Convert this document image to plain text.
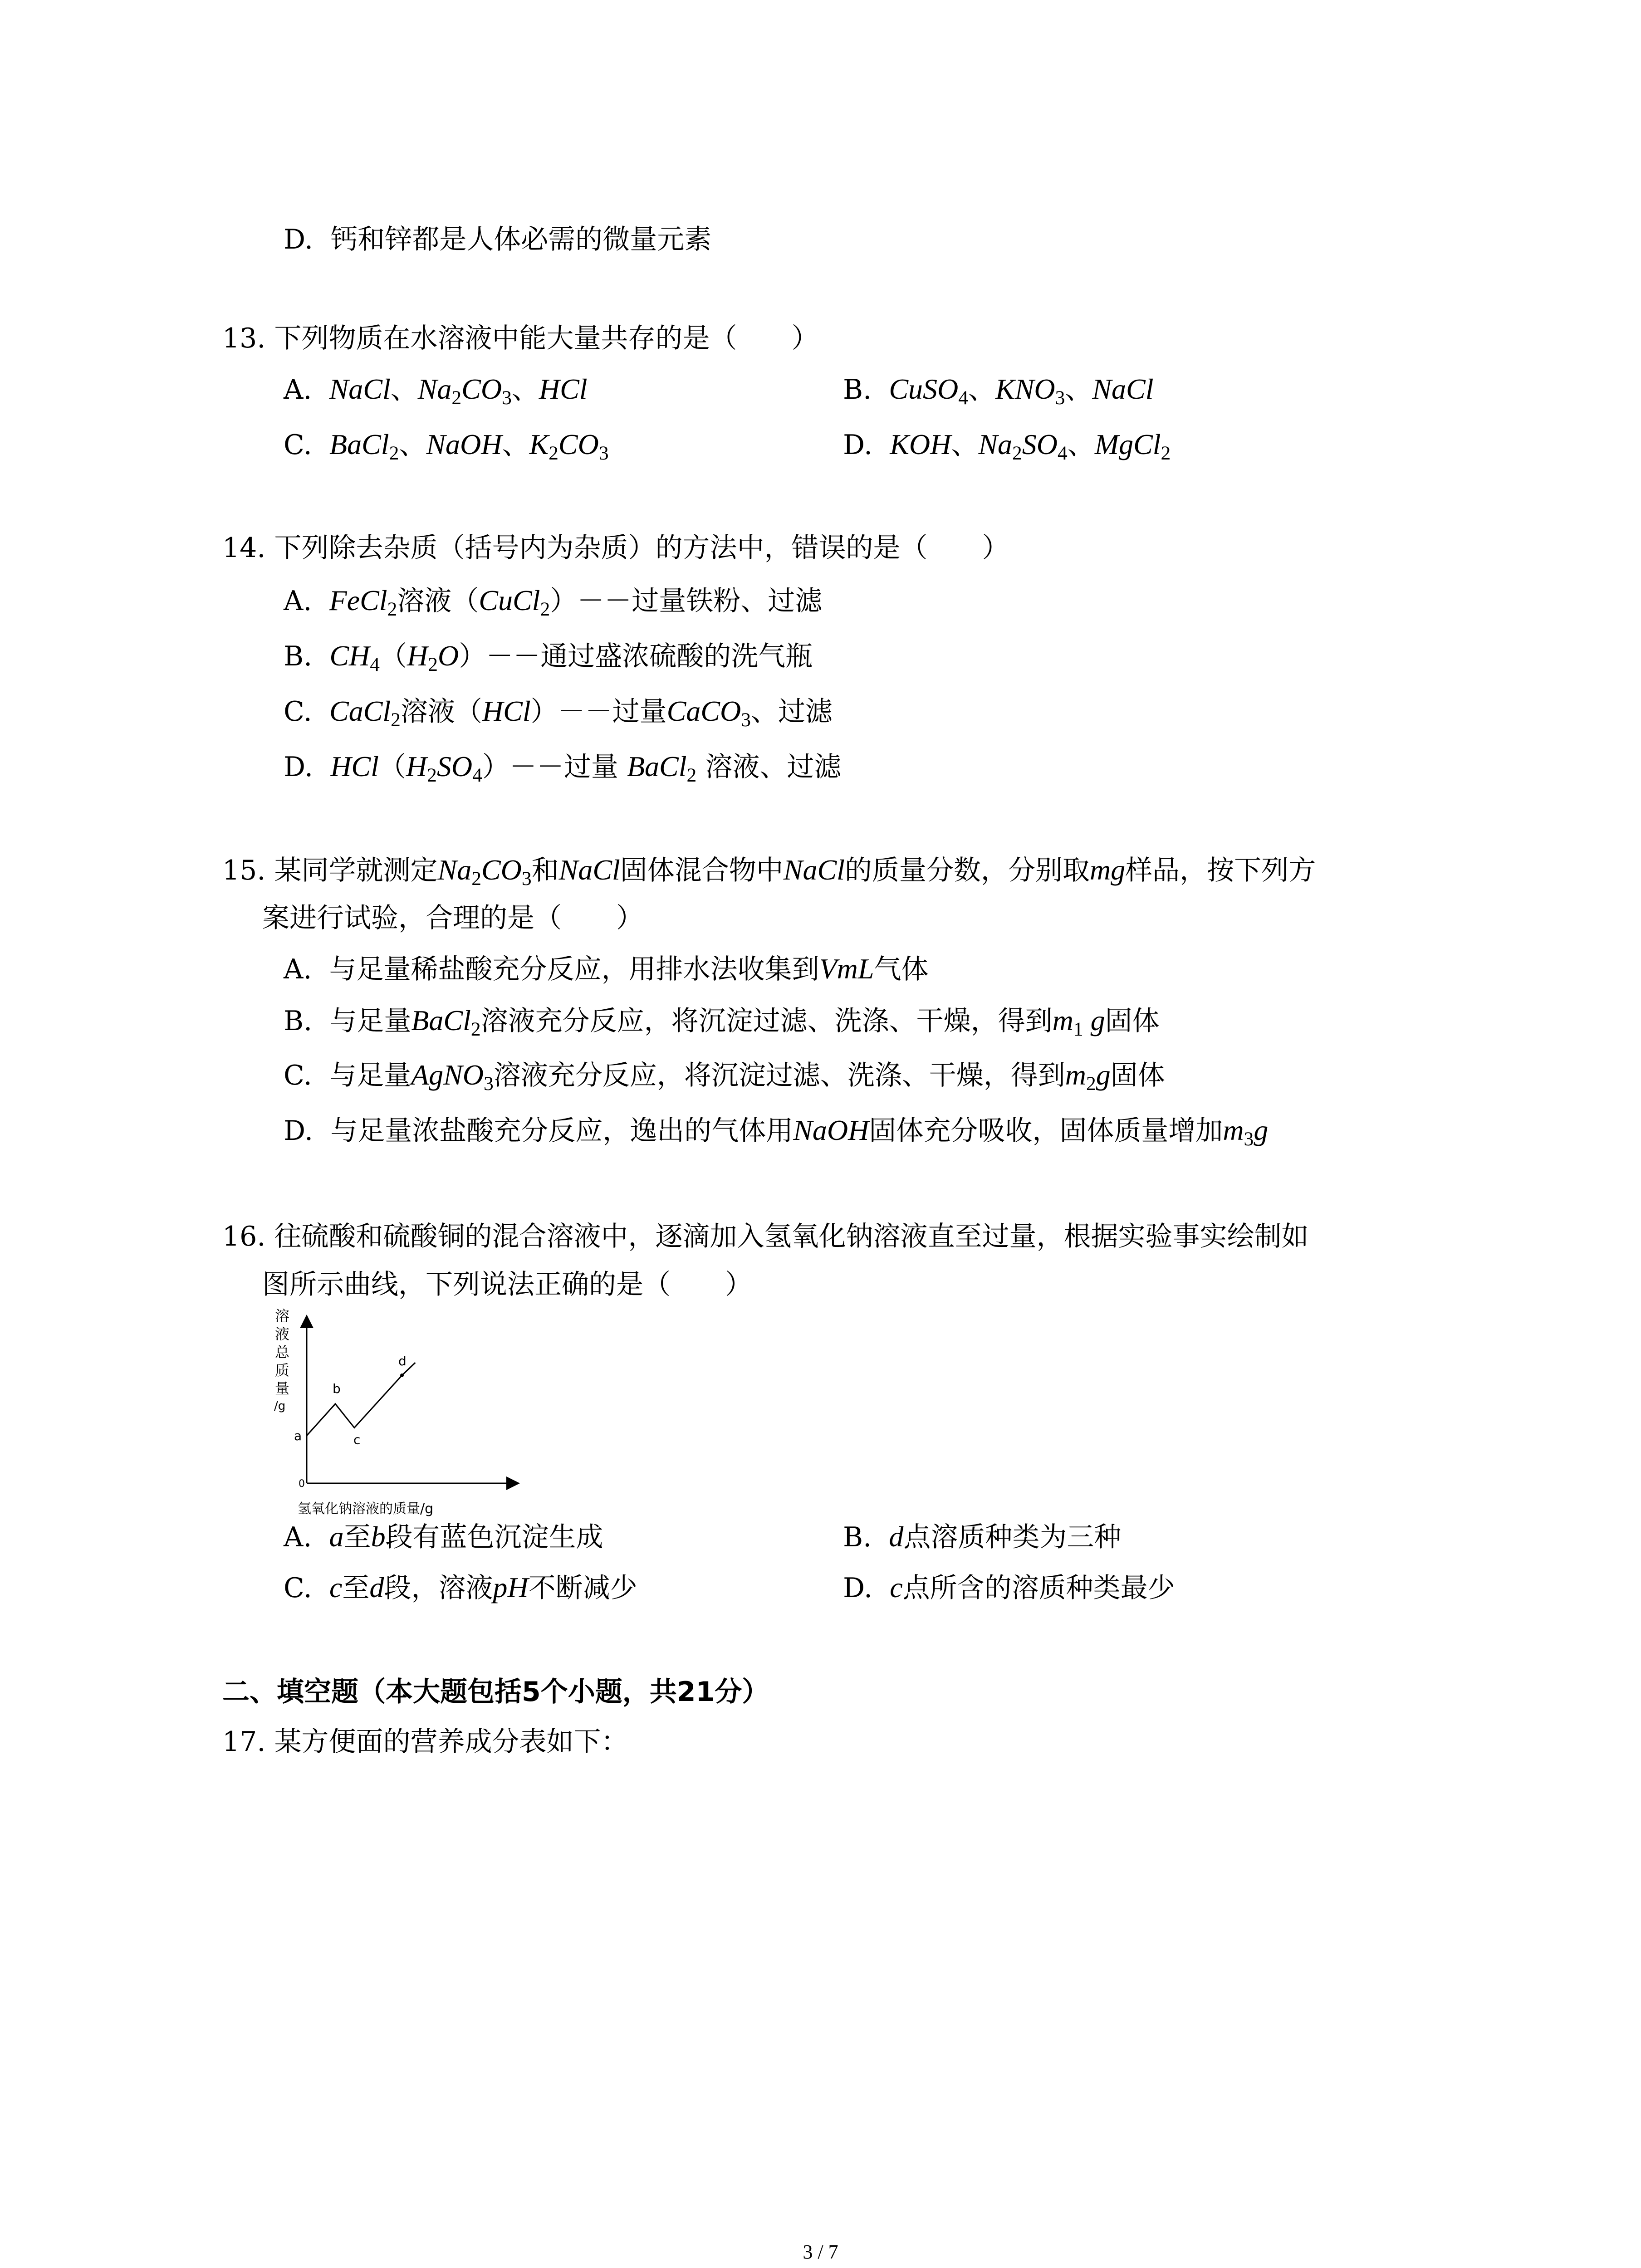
D. 钙和锌都是人体必需的微量元素
13. 下列物质在水溶液中能大量共存的是（　　）
A. NaCl、$Na_2CO_3$、HCl	B. CuSO$_4$、$KNO_3$、NaCl
C. BaCl$_2$、NaOH、$K_2CO_3$	D. KOH、$Na_2SO_4$、MgCl$_2$
14. 下列除去杂质（括号内为杂质）的方法中，错误的是（　　）
A. FeCl$_2$溶液（CuCl$_2$）－－过量铁粉、过滤
B. $CH_4(H_2O)--$通过盛浓硫酸的洗气瓶
C. CaCl$_2$溶液（HCl）－－过量CaCO$_3$、过滤
D. $HCl(H_2SO_4)--$过量 BaCl$_2$ 溶液、过滤
15. 某同学就测定$Na_2CO_3$和NaCl固体混合物中NaCl的质量分数，分别取mg样品，按下列方
案进行试验，合理的是（　　）
A. 与足量稀盐酸充分反应，用排水法收集到VmL气体
B. 与足量BaCl$_2$溶液充分反应，将沉淀过滤、洗涤、干燥，得到$m_1$ g固体
C. 与足量AgNO$_3$溶液充分反应，将沉淀过滤、洗涤、干燥，得到$m_2g$固体
D. 与足量浓盐酸充分反应，逸出的气体用NaOH固体充分吸收，固体质量增加$m_3g$
16. 往硫酸和硫酸铜的混合溶液中，逐滴加入氢氧化钠溶液直至过量，根据实验事实绘制如
图所示曲线，下列说法正确的是（　　）
溶
液
总
质
量
/g
0
氢氧化钠溶液的质量/g
a
b
c
d
A. a至b段有蓝色沉淀生成	B. d点溶质种类为三种
C. c至d段，溶液pH不断减少	D. c点所含的溶质种类最少
二、填空题（本大题包括5个小题，共21分）
17. 某方便面的营养成分表如下：
3 / 7
